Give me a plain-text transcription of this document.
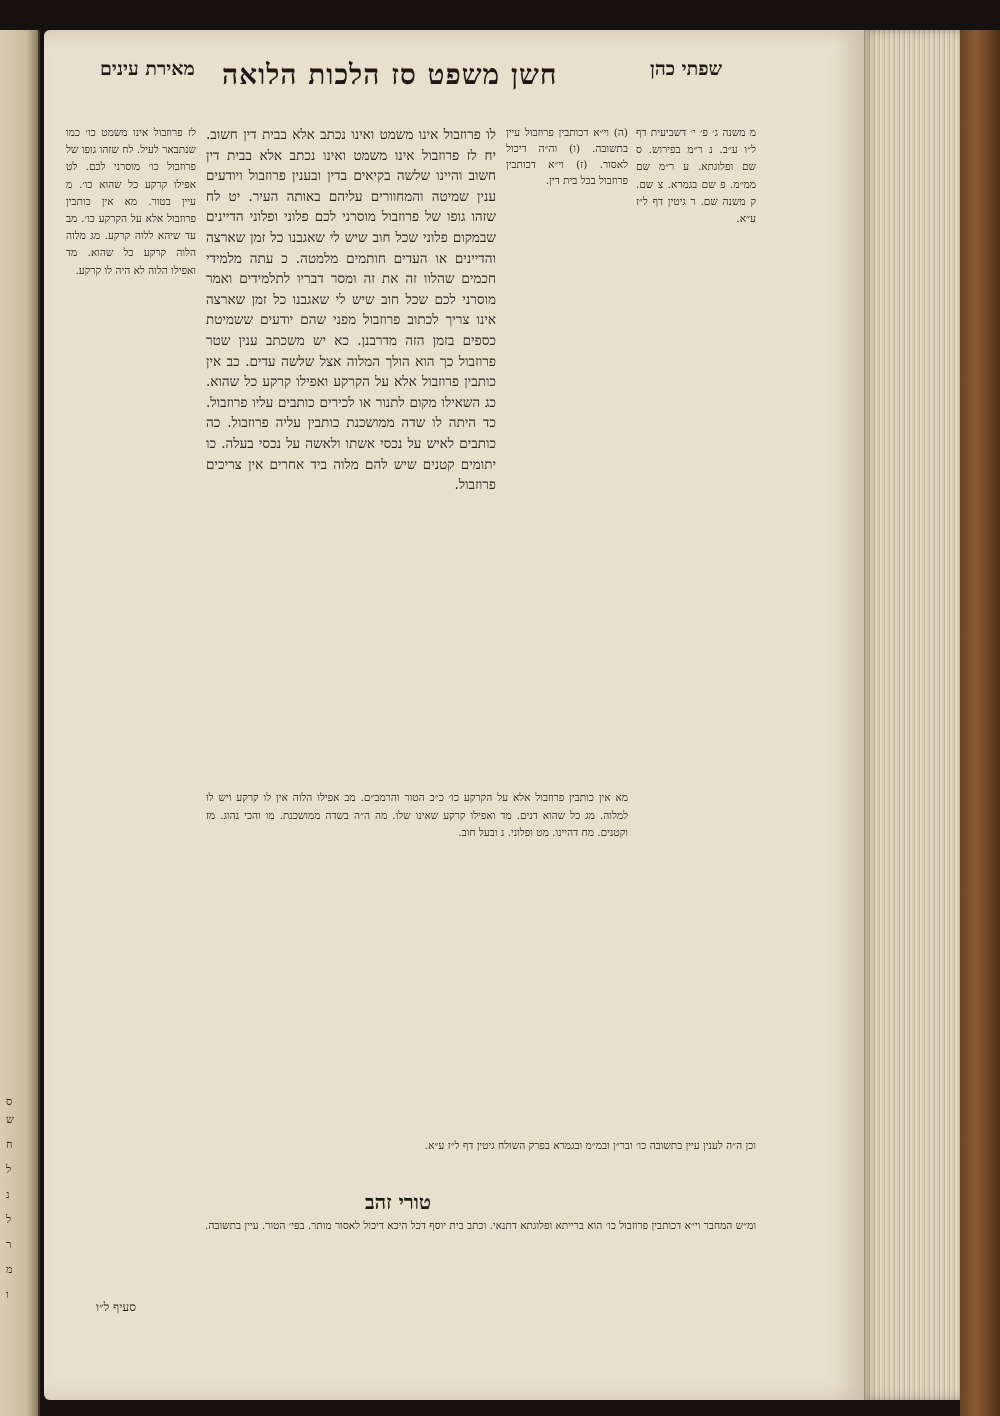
ס
ש
ח
ל
נ
ל
ר
מ
ו
מאירת עינים חשן משפט סז הלכות הלואה	שפתי כהן

לז פרוזבול אינו משמט כו׳ כמו שנתבאר לעיל. לח שזהו גופו של פרוזבול כו׳ מוסרני לכם. לט אפילו קרקע כל שהוא כו׳. מ עיין בטור. מא אין כותבין פרוזבול אלא על הקרקע כו׳. מב עד שיהא ללוה קרקע. מג מלוה הלוה קרקע כל שהוא. מד ואפילו הלוה לא היה לו קרקע.

לו פרוזבול אינו משמט ואינו נכתב אלא בבית דין חשוב. יח לז פרוזבול אינו משמט ואינו נכתב אלא בבית דין חשוב והיינו שלשה בקיאים בדין ובענין פרוזבול ויודעים ענין שמיטה והמחוורים עליהם באותה העיר. יט לח שזהו גופו של פרוזבול מוסרני לכם פלוני ופלוני הדיינים שבמקום פלוני שכל חוב שיש לי שאגבנו כל זמן שארצה והדיינים או העדים חותמים מלמטה. כ עתה מלמידי חכמים שהלוו זה את זה ומסר דבריו לתלמידים ואמר מוסרני לכם שכל חוב שיש לי שאגבנו כל זמן שארצה אינו צריך לכתוב פרוזבול מפני שהם יודעים ששמיטת כספים בזמן הזה מדרבנן. כא יש משכתב ענין שטר פרוזבול כך הוא הולך המלוה אצל שלשה עדים. כב אין כותבין פרוזבול אלא על הקרקע ואפילו קרקע כל שהוא. כג השאילו מקום לתנור או לכירים כותבים עליו פרוזבול. כד היתה לו שדה ממושכנת כותבין עליה פרוזבול. כה כותבים לאיש על נכסי אשתו ולאשה על נכסי בעלה. כו יתומים קטנים שיש להם מלוה ביד אחרים אין צריכים פרוזבול.

(ה) וי״א דכותבין פרוזבול עיין בתשובה. (ו) וה״ה דיכול לאסור. (ז) וי״א דכותבין פרוזבול בכל בית דין.

מ משנה ג׳ פ׳ י׳ דשביעית דף ל״ו ע״ב. נ ר״מ בפירוש. ס שם ופלוגתא. ע ר״מ שם ממ״מ. פ שם בגמרא. צ שם. ק משנה שם. ר גיטין דף ל״ז ע״א.

מא אין כותבין פרוזבול אלא על הקרקע כו׳ כ״כ הטור והרמב״ם. מב אפילו הלוה אין לו קרקע ויש לו למלוה. מג כל שהוא דנים. מד ואפילו קרקע שאינו שלו. מה ה״ה בשדה ממושכנת. מו והכי נהוג. מז וקטנים. מח דהיינו. מט ופלוני. נ ובעל חוב.

וכן ה״ה לענין עיין בתשובה כו׳ ובר״ן ובמ״מ ובגמרא בפרק השולח גיטין דף ל״ז ע״א.

טורי זהב

ומ״ש המחבר וי״א דכותבין פרוזבול כו׳ הוא ברייתא ופלוגתא דתנאי. וכתב בית יוסף דכל היכא דיכול לאסור מותר. בפי׳ הטור. עיין בתשובה.

סעיף ל״ו
